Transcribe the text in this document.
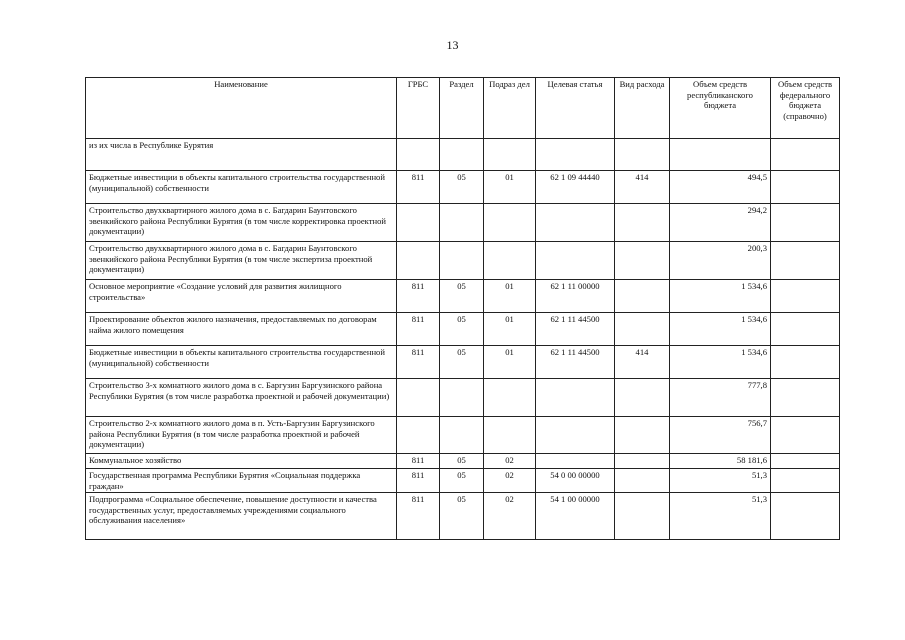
13
Наименование	ГРБС	Раздел	Подраз дел	Целевая статья	Вид расхода	Объем средств республиканского бюджета	Объем средств федерального бюджета (справочно)
из их числа в Республике Бурятия							
Бюджетные инвестиции в объекты капитального строительства государственной (муниципальной) собственности	811	05	01	62 1 09 44440	414	494,5	
Строительство двухквартирного жилого дома в с. Багдарин Баунтовского эвенкийского района Республики Бурятия (в том числе корректировка проектной документации)						294,2	
Строительство двухквартирного жилого дома в с. Багдарин Баунтовского эвенкийского района Республики Бурятия (в том числе экспертиза проектной документации)						200,3	
Основное мероприятие «Создание условий для развития жилищного строительства»	811	05	01	62 1 11 00000		1 534,6	
Проектирование объектов жилого назначения, предоставляемых по договорам найма жилого помещения	811	05	01	62 1 11 44500		1 534,6	
Бюджетные инвестиции в объекты капитального строительства государственной (муниципальной) собственности	811	05	01	62 1 11 44500	414	1 534,6	
Строительство 3-х комнатного жилого дома в с. Баргузин Баргузинского района Республики Бурятия (в том числе разработка проектной и рабочей документации)						777,8	
Строительство 2-х комнатного жилого дома в п. Усть-Баргузин Баргузинского района Республики Бурятия (в том числе разработка проектной и рабочей документации)						756,7	
Коммунальное хозяйство	811	05	02			58 181,6	
Государственная программа Республики Бурятия «Социальная поддержка граждан»	811	05	02	54 0 00 00000		51,3	
Подпрограмма «Социальное обеспечение, повышение доступности и качества государственных услуг, предоставляемых учреждениями социального обслуживания населения»	811	05	02	54 1 00 00000		51,3	
